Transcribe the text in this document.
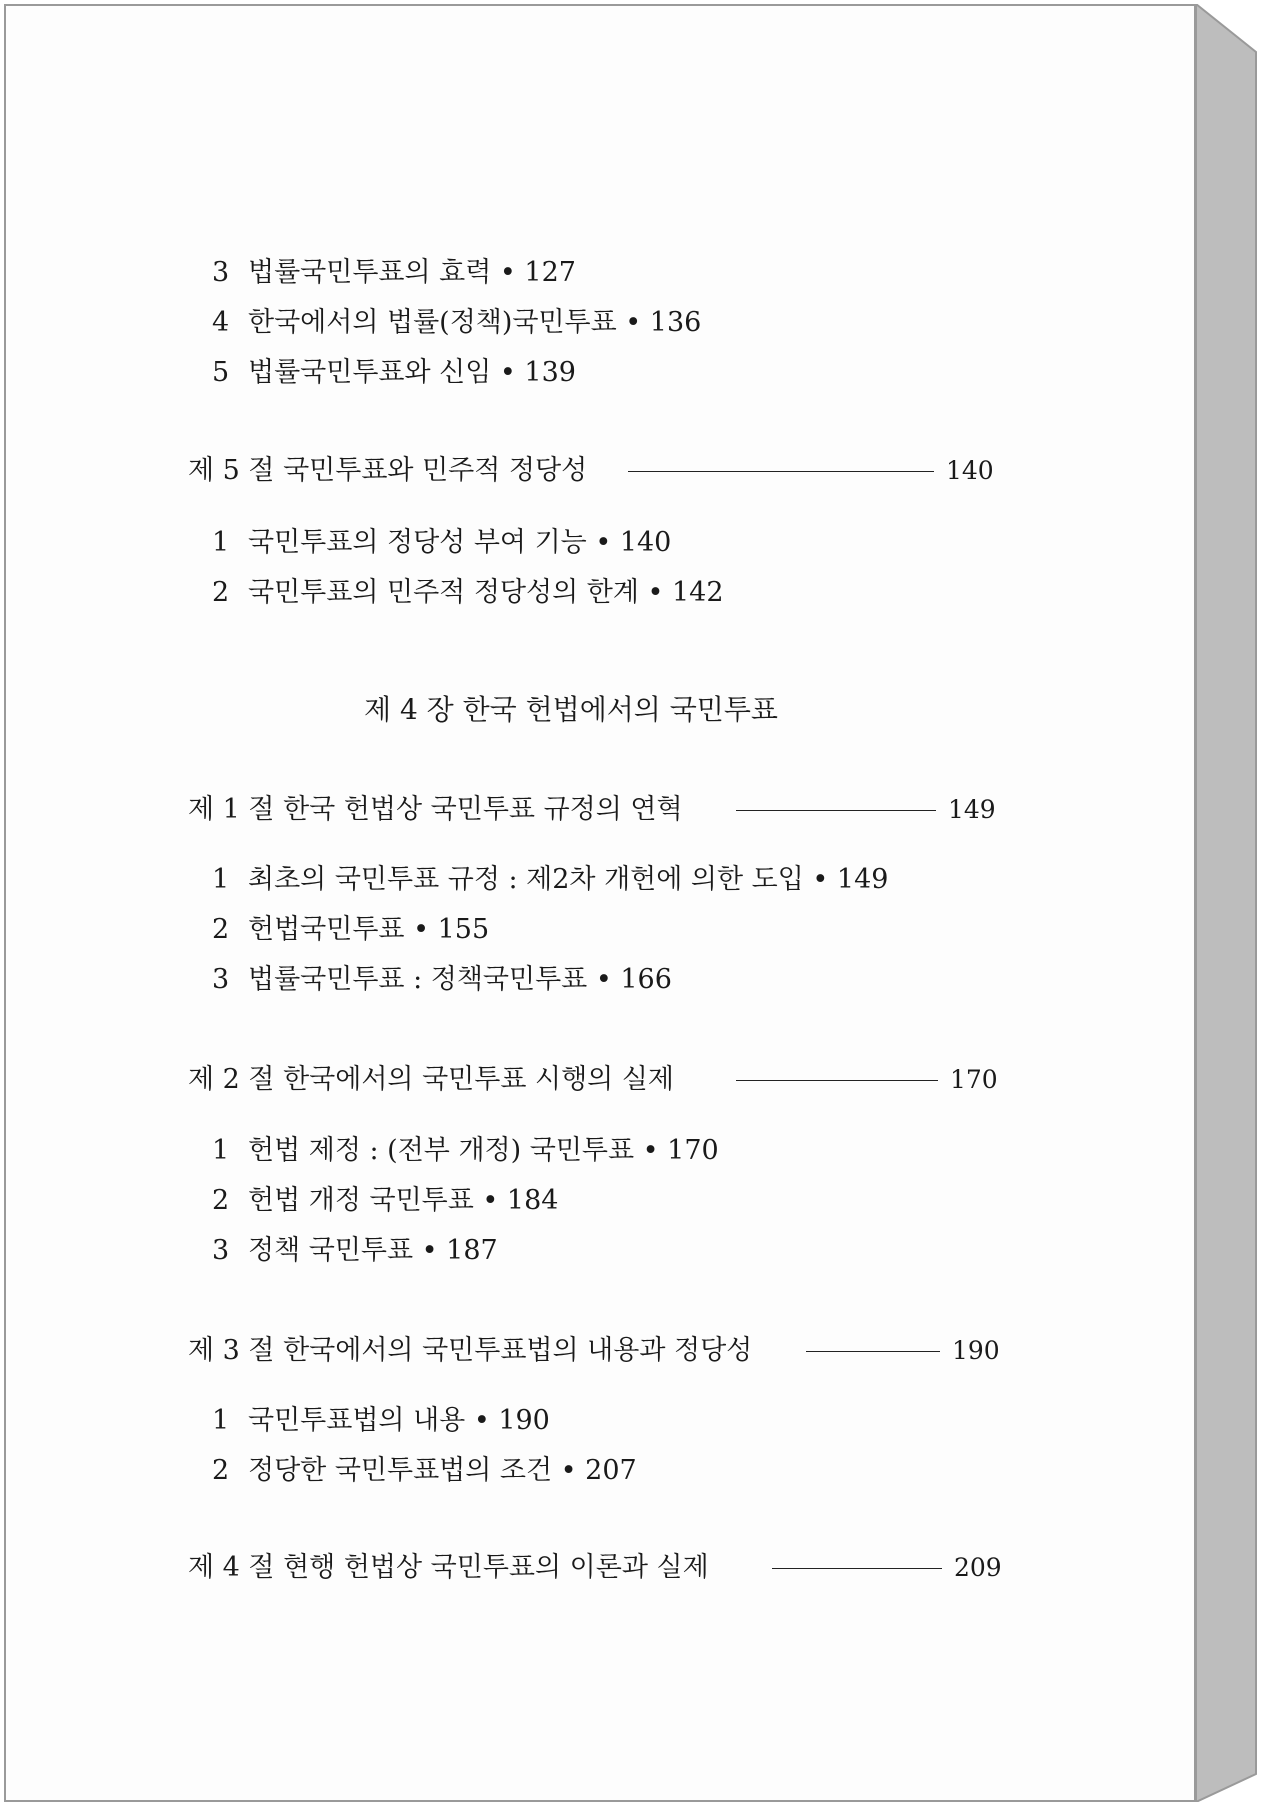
3 법률국민투표의 효력 • 127
4 한국에서의 법률(정책)국민투표 • 136
5 법률국민투표와 신임 • 139
제 5 절 국민투표와 민주적 정당성	140
1 국민투표의 정당성 부여 기능 • 140
2 국민투표의 민주적 정당성의 한계 • 142
제 4 장 한국 헌법에서의 국민투표
제 1 절 한국 헌법상 국민투표 규정의 연혁	149
1 최초의 국민투표 규정 : 제2차 개헌에 의한 도입 • 149
2 헌법국민투표 • 155
3 법률국민투표 : 정책국민투표 • 166
제 2 절 한국에서의 국민투표 시행의 실제	170
1 헌법 제정 : (전부 개정) 국민투표 • 170
2 헌법 개정 국민투표 • 184
3 정책 국민투표 • 187
제 3 절 한국에서의 국민투표법의 내용과 정당성	190
1 국민투표법의 내용 • 190
2 정당한 국민투표법의 조건 • 207
제 4 절 현행 헌법상 국민투표의 이론과 실제	209
